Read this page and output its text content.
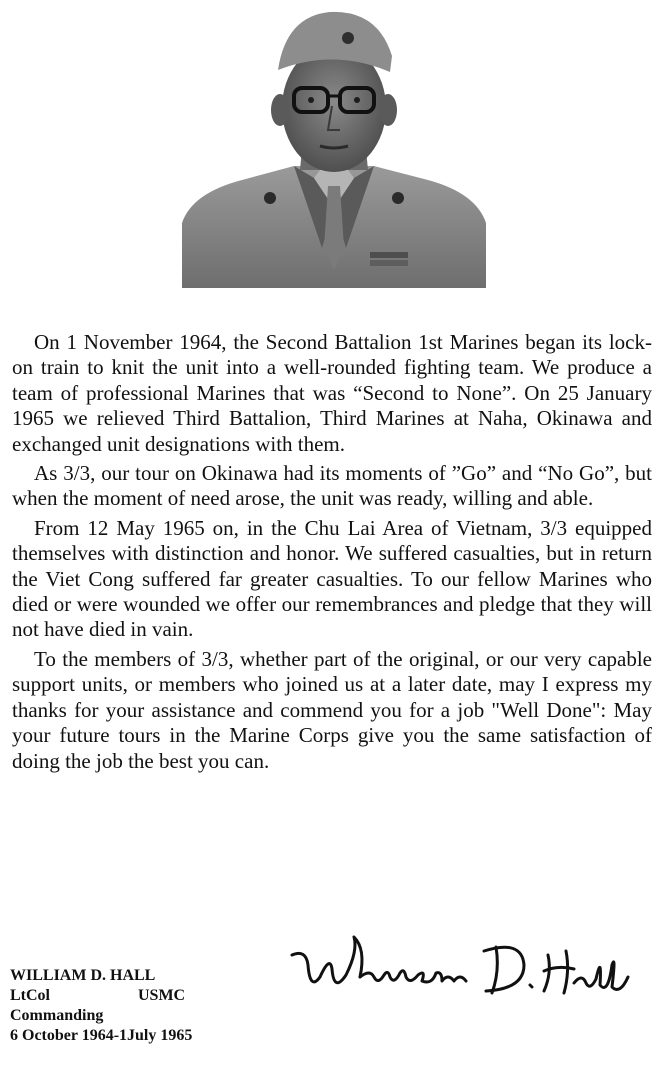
On 1 November 1964, the Second Battalion 1st Marines began its lock-on train to knit the unit into a well-rounded fighting team. We produce a team of professional Marines that was “Second to None”. On 25 January 1965 we relieved Third Battalion, Third Marines at Naha, Okinawa and exchanged unit designations with them.

As 3/3, our tour on Okinawa had its moments of ”Go” and “No Go”, but when the moment of need arose, the unit was ready, willing and able.

From 12 May 1965 on, in the Chu Lai Area of Vietnam, 3/3 equipped themselves with distinction and honor. We suffered casualties, but in return the Viet Cong suffered far greater casualties. To our fellow Marines who died or were wounded we offer our remembrances and pledge that they will not have died in vain.

To the members of 3/3, whether part of the original, or our very capable support units, or members who joined us at a later date, may I express my thanks for your assistance and commend you for a job "Well Done": May your future tours in the Marine Corps give you the same satisfaction of doing the job the best you can.

WILLIAM D. HALL
LtCol	USMC
Commanding
6 October 1964-1July 1965
